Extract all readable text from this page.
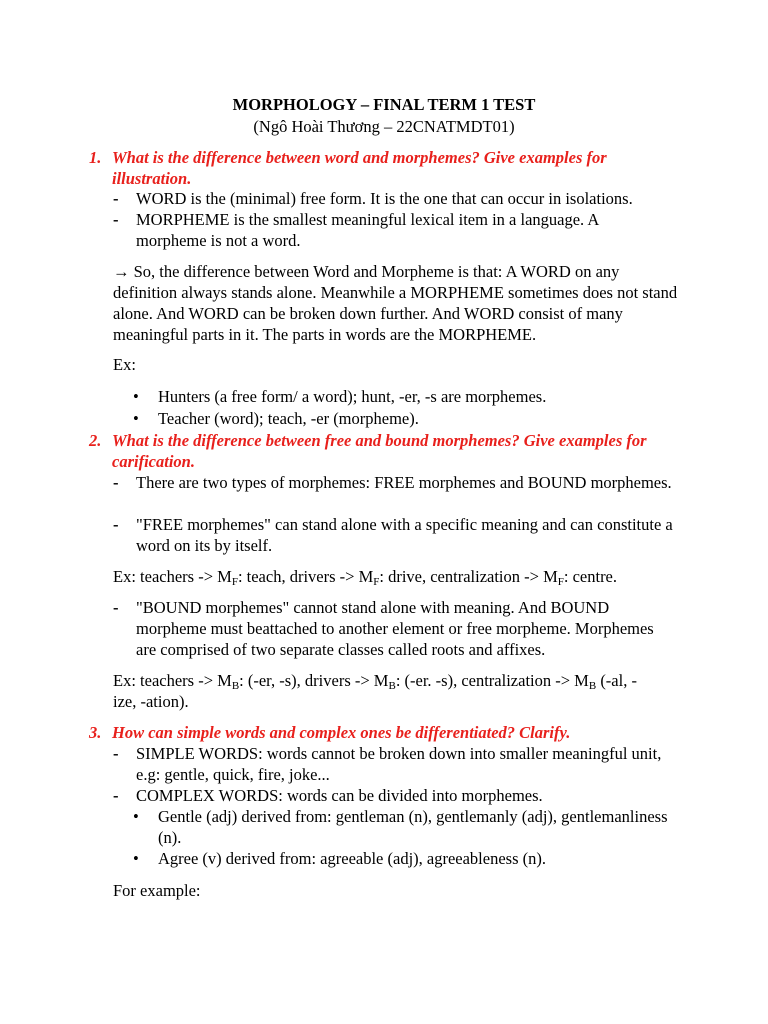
MORPHOLOGY – FINAL TERM 1 TEST
(Ngô Hoài Thương – 22CNATMDT01)
1. What is the difference between word and morphemes? Give examples for illustration.
- WORD is the (minimal) free form. It is the one that can occur in isolations.
- MORPHEME is the smallest meaningful lexical item in a language. A morpheme is not a word.
→ So, the difference between Word and Morpheme is that: A WORD on any definition always stands alone. Meanwhile a MORPHEME sometimes does not stand alone. And WORD can be broken down further. And WORD consist of many meaningful parts in it. The parts in words are the MORPHEME.
Ex:
• Hunters (a free form/ a word); hunt, -er, -s are morphemes.
• Teacher (word); teach, -er (morpheme).
2. What is the difference between free and bound morphemes? Give examples for carification.
- There are two types of morphemes: FREE morphemes and BOUND morphemes.
- "FREE morphemes" can stand alone with a specific meaning and can constitute a word on its by itself.
Ex: teachers -> $M_F$: teach, drivers -> $M_F$: drive, centralization -> $M_F$: centre.
- "BOUND morphemes" cannot stand alone with meaning. And BOUND morpheme must beattached to another element or free morpheme. Morphemes are comprised of two separate classes called roots and affixes.
Ex: teachers -> $M_B$: (-er, -s), drivers -> $M_B$: (-er. -s), centralization -> $M_B$ (-al, -
ize, -ation).
3. How can simple words and complex ones be differentiated? Clarify.
- SIMPLE WORDS: words cannot be broken down into smaller meaningful unit, e.g: gentle, quick, fire, joke...
- COMPLEX WORDS: words can be divided into morphemes.
• Gentle (adj) derived from: gentleman (n), gentlemanly (adj), gentlemanliness (n).
• Agree (v) derived from: agreeable (adj), agreeableness (n).
For example:
